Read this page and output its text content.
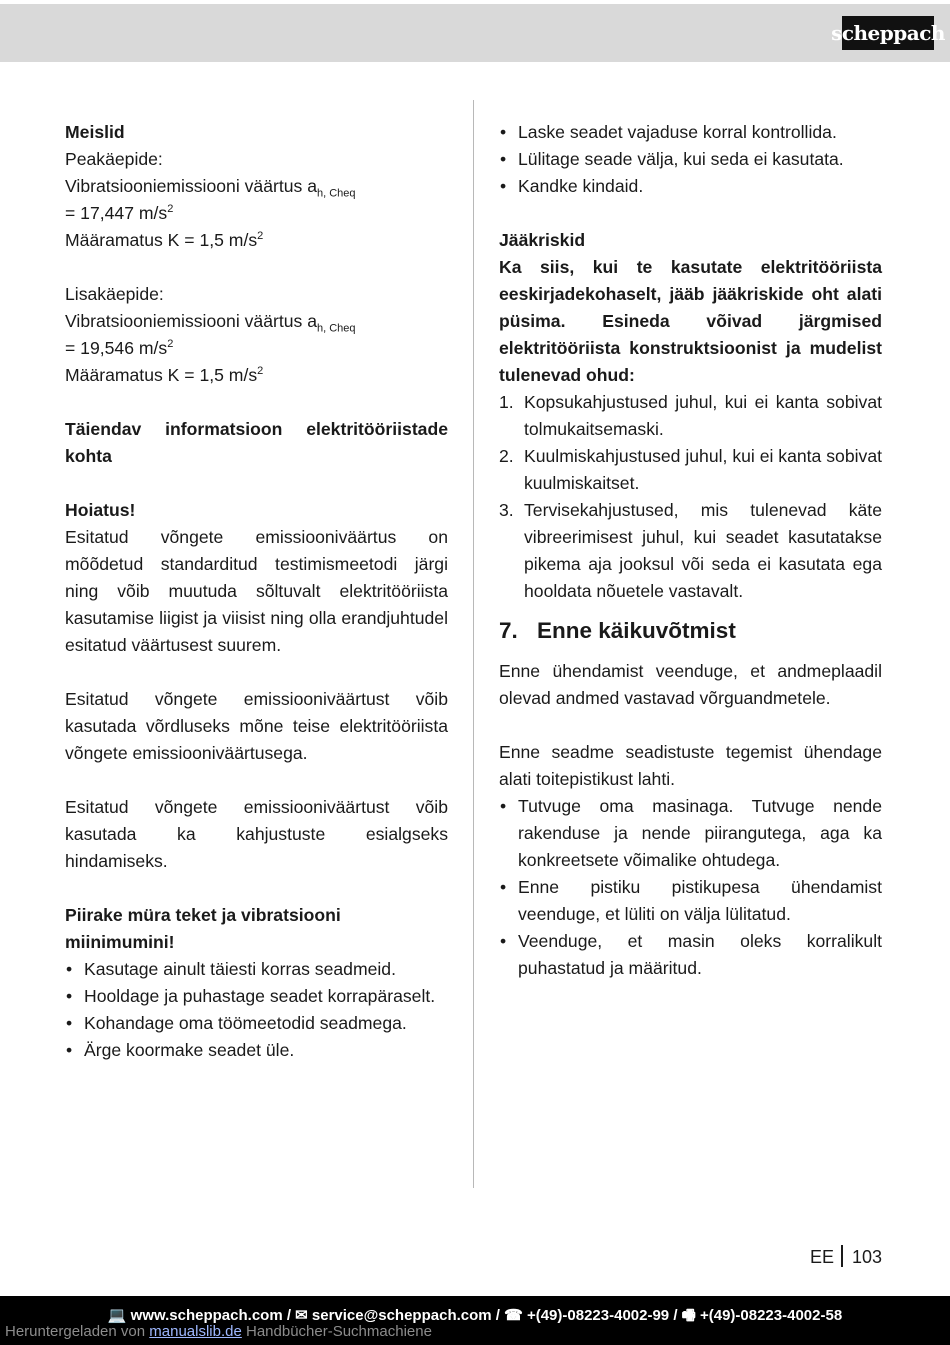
scheppach

Meislid

Peakäepide:

Vibratsiooniemissiooni väärtus $a_{h, Cheq}$

= 17,447 $m/s^2$

Määramatus K = 1,5 $m/s^2$

Lisakäepide:

Vibratsiooniemissiooni väärtus $a_{h, Cheq}$

= 19,546 $m/s^2$

Määramatus K = 1,5 $m/s^2$

Täiendav informatsioon elektritööriistade kohta

Hoiatus!

Esitatud võngete emissiooniväärtus on mõõdetud standarditud testimismeetodi järgi ning võib muutuda sõltuvalt elektritööriista kasutamise liigist ja viisist ning olla erandjuhtudel esitatud väärtusest suurem.

Esitatud võngete emissiooniväärtust võib kasutada võrdluseks mõne teise elektritööriista võngete emissiooniväärtusega.

Esitatud võngete emissiooniväärtust võib kasutada ka kahjustuste esialgseks hindamiseks.

Piirake müra teket ja vibratsiooni miinimumini!

• Kasutage ainult täiesti korras seadmeid.
• Hooldage ja puhastage seadet korrapäraselt.
• Kohandage oma töömeetodid seadmega.
• Ärge koormake seadet üle.
• Laske seadet vajaduse korral kontrollida.
• Lülitage seade välja, kui seda ei kasutata.
• Kandke kindaid.

Jääkriskid

Ka siis, kui te kasutate elektritööriista eeskirjadekohaselt, jääb jääkriskide oht alati püsima. Esineda võivad järgmised elektritööriista konstruktsioonist ja mudelist tulenevad ohud:

1. Kopsukahjustused juhul, kui ei kanta sobivat tolmukaitsemaski.
2. Kuulmiskahjustused juhul, kui ei kanta sobivat kuulmiskaitset.
3. Tervisekahjustused, mis tulenevad käte vibreerimisest juhul, kui seadet kasutatakse pikema aja jooksul või seda ei kasutata ega hooldata nõuetele vastavalt.
7. Enne käikuvõtmist

Enne ühendamist veenduge, et andmeplaadil olevad andmed vastavad võrguandmetele.

Enne seadme seadistuste tegemist ühendage alati toitepistikust lahti.

• Tutvuge oma masinaga. Tutvuge nende rakenduse ja nende piirangutega, aga ka konkreetsete võimalike ohtudega.
• Enne pistiku pistikupesa ühendamist veenduge, et lüliti on välja lülitatud.
• Veenduge, et masin oleks korralikult puhastatud ja määritud.
EE 103
💻 www.scheppach.com / ✉ service@scheppach.com / ☎ +(49)-08223-4002-99 / 🖷 +(49)-08223-4002-58
Heruntergeladen von manualslib.de Handbücher-Suchmachiene
